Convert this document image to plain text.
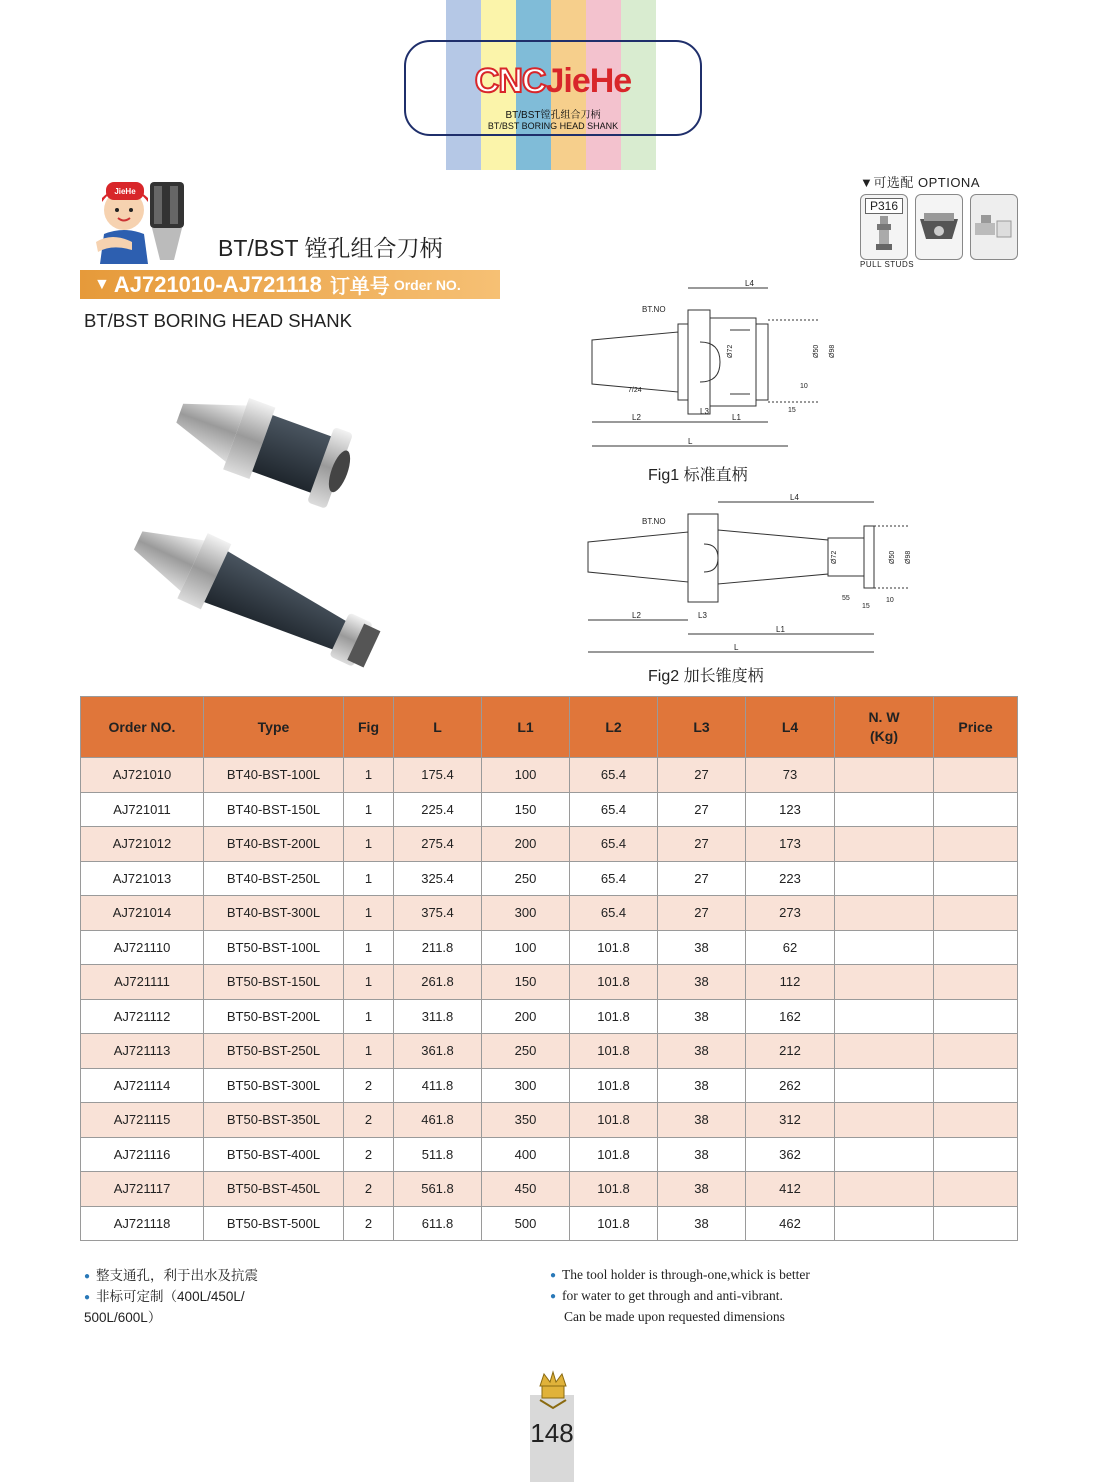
CNCJieHe
BT/BST镗孔组合刀柄
BT/BST BORING HEAD SHANK
JieHe
BT/BST 镗孔组合刀柄
▼ AJ721010-AJ721118 订单号 Order NO.
BT/BST BORING HEAD SHANK
▼可选配 OPTIONA
P316
PULL STUDS
BT.NO
7/24
L4
L2
L3
L1
L
Ø72	Ø50 Ø98
10
15
Fig1 标准直柄
BT.NO
L4
L2	L3
L1
L
Ø72	Ø50 Ø98
55
15
10
Fig2 加长锥度柄
Order NO.	Type	Fig	L	L1	L2	L3	L4	N. W
(Kg)	Price
AJ721010	BT40-BST-100L	1	175.4	100	65.4	27	73		
AJ721011	BT40-BST-150L	1	225.4	150	65.4	27	123		
AJ721012	BT40-BST-200L	1	275.4	200	65.4	27	173		
AJ721013	BT40-BST-250L	1	325.4	250	65.4	27	223		
AJ721014	BT40-BST-300L	1	375.4	300	65.4	27	273		
AJ721110	BT50-BST-100L	1	211.8	100	101.8	38	62		
AJ721111	BT50-BST-150L	1	261.8	150	101.8	38	112		
AJ721112	BT50-BST-200L	1	311.8	200	101.8	38	162		
AJ721113	BT50-BST-250L	1	361.8	250	101.8	38	212		
AJ721114	BT50-BST-300L	2	411.8	300	101.8	38	262		
AJ721115	BT50-BST-350L	2	461.8	350	101.8	38	312		
AJ721116	BT50-BST-400L	2	511.8	400	101.8	38	362		
AJ721117	BT50-BST-450L	2	561.8	450	101.8	38	412		
AJ721118	BT50-BST-500L	2	611.8	500	101.8	38	462		
● 整支通孔，利于出水及抗震
● 非标可定制（400L/450L/
500L/600L）
● The tool holder is through-one,whick is better
● for water to get through and anti-vibrant.
Can be made upon requested dimensions
148
